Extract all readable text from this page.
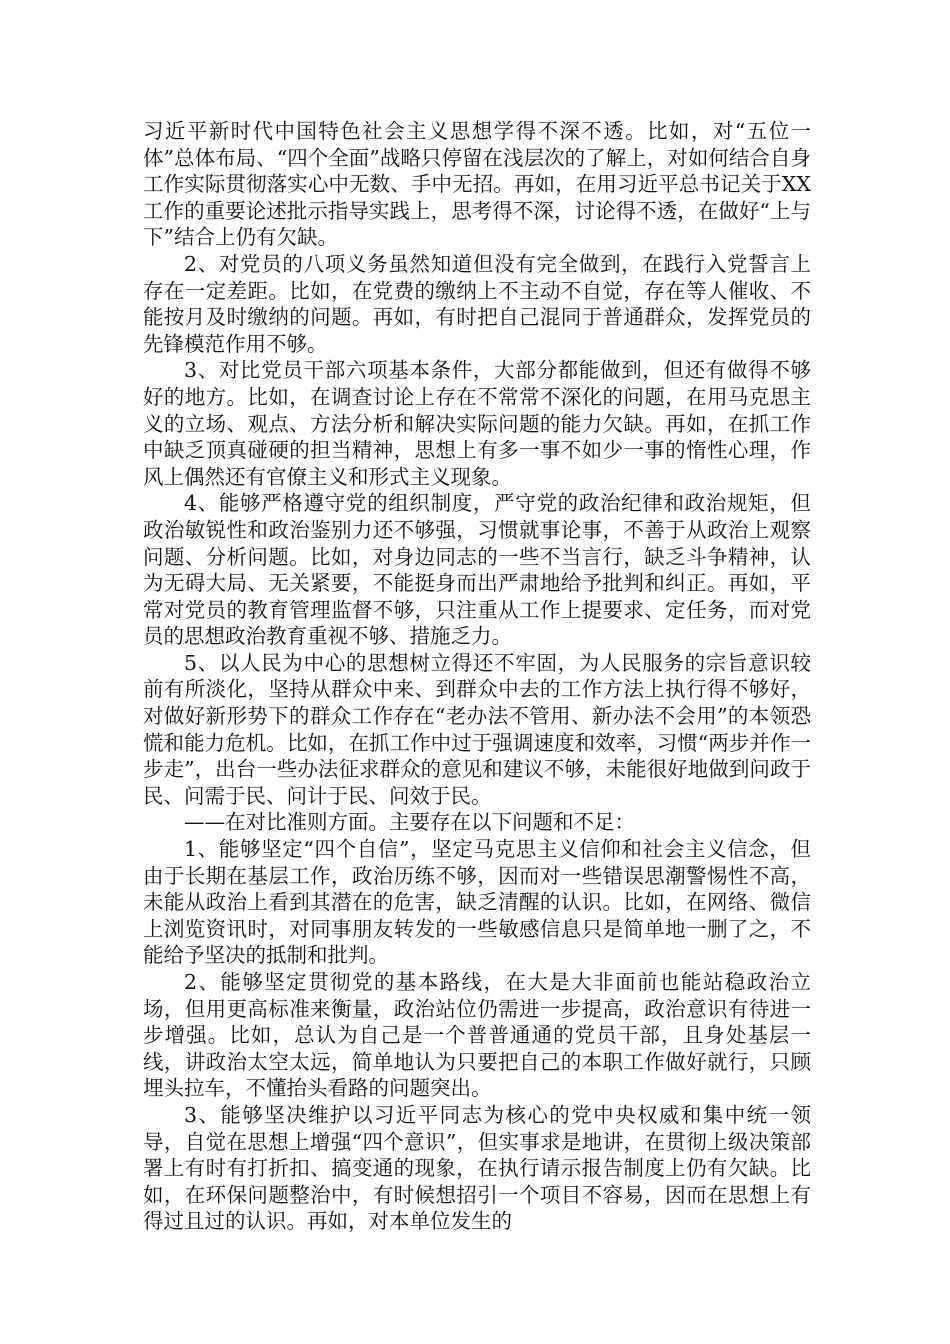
习近平新时代中国特色社会主义思想学得不深不透。比如，对“五位一体”总体布局、“四个全面”战略只停留在浅层次的了解上，对如何结合自身工作实际贯彻落实心中无数、手中无招。再如，在用习近平总书记关于XX工作的重要论述批示指导实践上，思考得不深，讨论得不透，在做好“上与下”结合上仍有欠缺。

2、对党员的八项义务虽然知道但没有完全做到，在践行入党誓言上存在一定差距。比如，在党费的缴纳上不主动不自觉，存在等人催收、不能按月及时缴纳的问题。再如，有时把自己混同于普通群众，发挥党员的先锋模范作用不够。

3、对比党员干部六项基本条件，大部分都能做到，但还有做得不够好的地方。比如，在调查讨论上存在不常常不深化的问题，在用马克思主义的立场、观点、方法分析和解决实际问题的能力欠缺。再如，在抓工作中缺乏顶真碰硬的担当精神，思想上有多一事不如少一事的惰性心理，作风上偶然还有官僚主义和形式主义现象。

4、能够严格遵守党的组织制度，严守党的政治纪律和政治规矩，但政治敏锐性和政治鉴别力还不够强，习惯就事论事，不善于从政治上观察问题、分析问题。比如，对身边同志的一些不当言行，缺乏斗争精神，认为无碍大局、无关紧要，不能挺身而出严肃地给予批判和纠正。再如，平常对党员的教育管理监督不够，只注重从工作上提要求、定任务，而对党员的思想政治教育重视不够、措施乏力。

5、以人民为中心的思想树立得还不牢固，为人民服务的宗旨意识较前有所淡化，坚持从群众中来、到群众中去的工作方法上执行得不够好，对做好新形势下的群众工作存在“老办法不管用、新办法不会用”的本领恐慌和能力危机。比如，在抓工作中过于强调速度和效率，习惯“两步并作一步走”，出台一些办法征求群众的意见和建议不够，未能很好地做到问政于民、问需于民、问计于民、问效于民。

——在对比准则方面。主要存在以下问题和不足：

1、能够坚定“四个自信”，坚定马克思主义信仰和社会主义信念，但由于长期在基层工作，政治历练不够，因而对一些错误思潮警惕性不高，未能从政治上看到其潜在的危害，缺乏清醒的认识。比如，在网络、微信上浏览资讯时，对同事朋友转发的一些敏感信息只是简单地一删了之，不能给予坚决的抵制和批判。

2、能够坚定贯彻党的基本路线，在大是大非面前也能站稳政治立场，但用更高标准来衡量，政治站位仍需进一步提高，政治意识有待进一步增强。比如，总认为自己是一个普普通通的党员干部，且身处基层一线，讲政治太空太远，简单地认为只要把自己的本职工作做好就行，只顾埋头拉车，不懂抬头看路的问题突出。

3、能够坚决维护以习近平同志为核心的党中央权威和集中统一领导，自觉在思想上增强“四个意识”，但实事求是地讲，在贯彻上级决策部署上有时有打折扣、搞变通的现象，在执行请示报告制度上仍有欠缺。比如，在环保问题整治中，有时候想招引一个项目不容易，因而在思想上有得过且过的认识。再如，对本单位发生的
